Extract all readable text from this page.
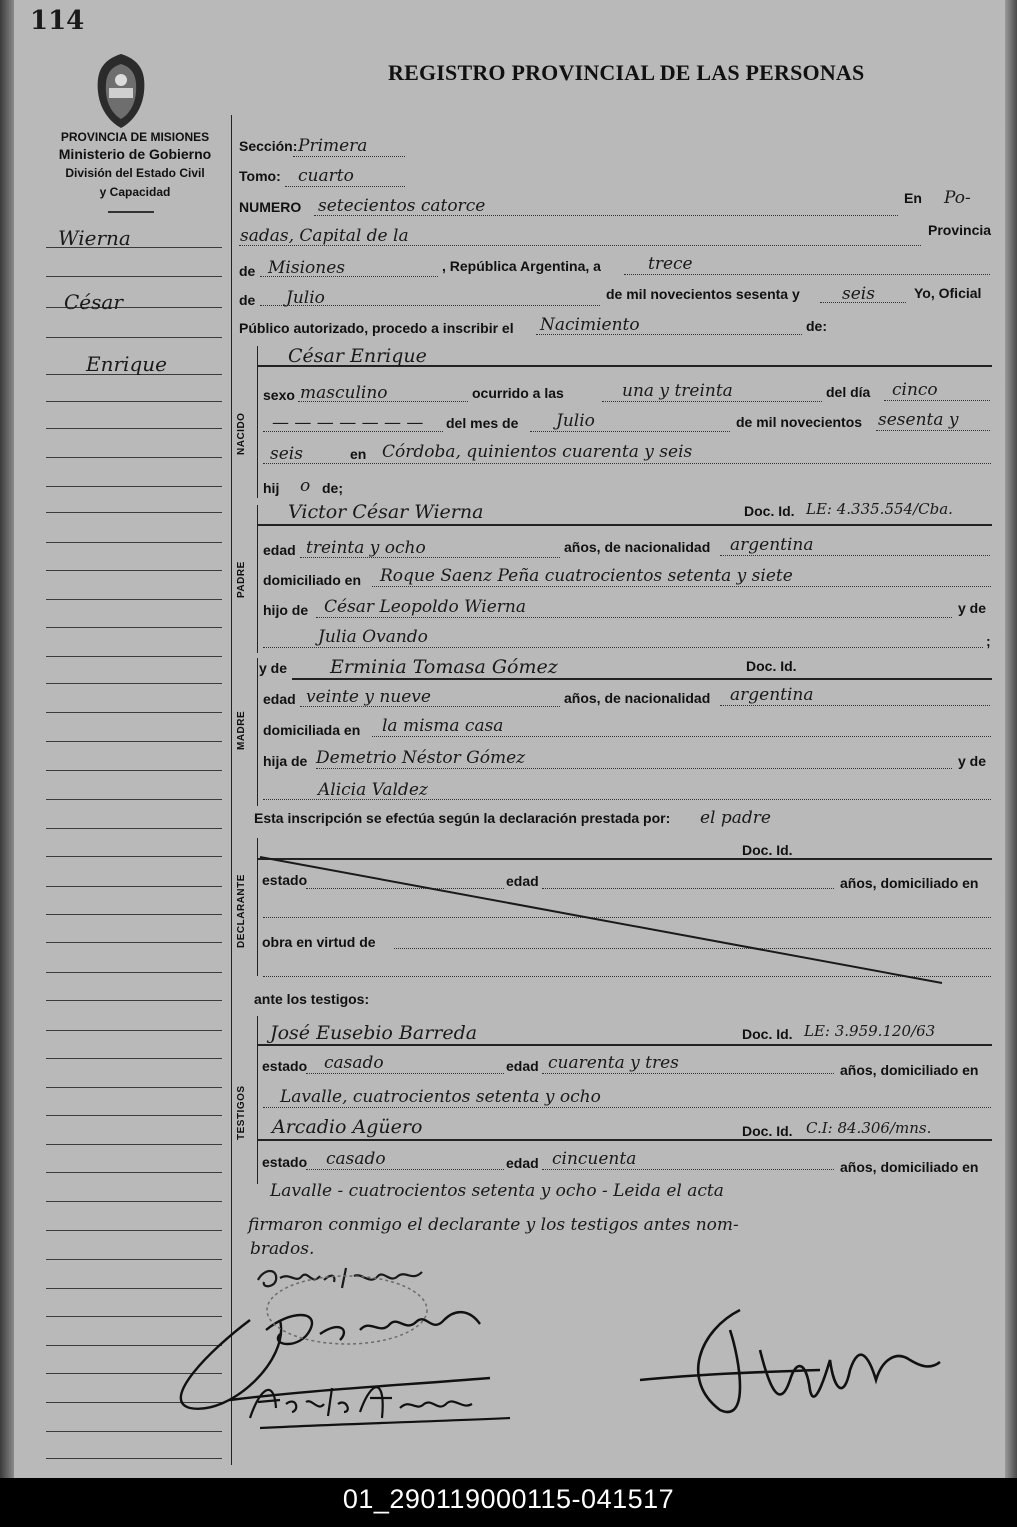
114
PROVINCIA DE MISIONES
Ministerio de Gobierno
División del Estado Civil
y Capacidad
REGISTRO PROVINCIAL DE LAS PERSONAS
Wierna
César
Enrique
Sección: Primera
Tomo: cuarto
NUMERO setecientos catorce	En Po-
sadas, Capital de la	Provincia
de Misiones	, República Argentina, a	trece
de Julio	de mil novecientos sesenta y seis	Yo, Oficial
Público autorizado, procedo a inscribir el Nacimiento	de:
NACIDO
César Enrique
sexo masculino	ocurrido a las	una y treinta	del día cinco
— — — — — — — del mes de Julio	de mil novecientos sesenta y
seis	en Córdoba, quinientos cuarenta y seis
hij o de;
PADRE
Victor César Wierna	Doc. Id. LE: 4.335.554/Cba.
edad treinta y ocho	años, de nacionalidad argentina
domiciliado en Roque Saenz Peña cuatrocientos setenta y siete
hijo de César Leopoldo Wierna	y de
Julia Ovando	;
MADRE
y de Erminia Tomasa Gómez	Doc. Id.
edad veinte y nueve	años, de nacionalidad argentina
domiciliada en la misma casa
hija de Demetrio Néstor Gómez	y de
Alicia Valdez
Esta inscripción se efectúa según la declaración prestada por: el padre
DECLARANTE
Doc. Id.
estado	edad	años, domiciliado en
obra en virtud de
ante los testigos:
TESTIGOS
José Eusebio Barreda	Doc. Id. LE: 3.959.120/63
estado casado	edad cuarenta y tres	años, domiciliado en
Lavalle, cuatrocientos setenta y ocho
Arcadio Agüero	Doc. Id. C.I: 84.306/mns.
estado casado	edad cincuenta	años, domiciliado en
Lavalle - cuatrocientos setenta y ocho - Leida el acta
firmaron conmigo el declarante y los testigos antes nom-
brados.
01_290119000115-041517
